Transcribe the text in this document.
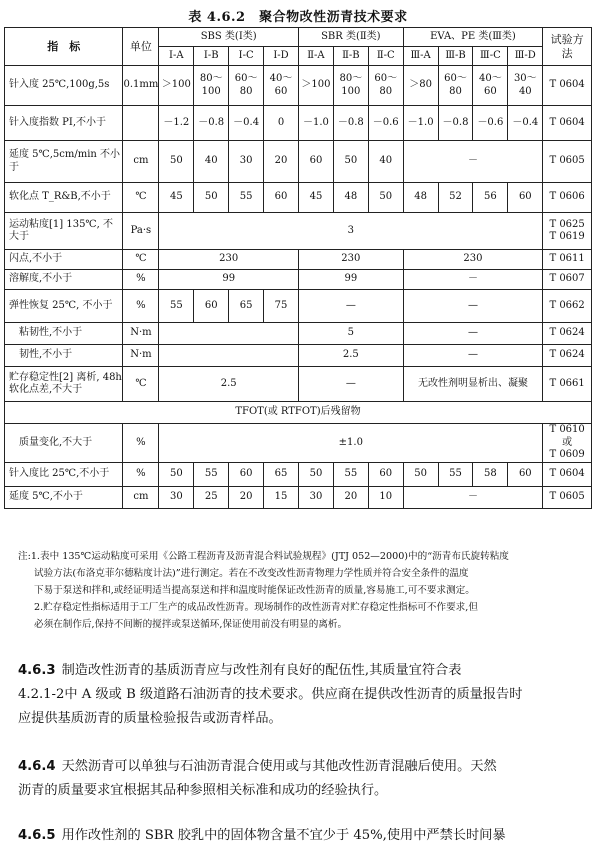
表 4.6.2　聚合物改性沥青技术要求
指　标	单位	SBS 类(Ⅰ类)				SBR 类(Ⅱ类)			EVA、PE 类(Ⅲ类)				试验方法
		Ⅰ-A	Ⅰ-B	Ⅰ-C	Ⅰ-D	Ⅱ-A	Ⅱ-B	Ⅱ-C	Ⅲ-A	Ⅲ-B	Ⅲ-C	Ⅲ-D	
针入度 25℃,100g,5s	0.1mm	＞100	80～100	60～80	40～60	＞100	80～100	60～80	＞80	60～80	40～60	30～40	T 0604
针入度指数 PI,不小于		－1.2	－0.8	－0.4	0	－1.0	－0.8	－0.6	－1.0	－0.8	－0.6	－0.4	T 0604
延度 5℃,5cm/min 不小于	cm	50	40	30	20	60	50	40	－				T 0605
软化点 T_R&B,不小于	℃	45	50	55	60	45	48	50	48	52	56	60	T 0606
运动粘度[1] 135℃, 不大于	Pa·s	3											T 0625
T 0619

闪点,不小于	℃	230				230			230				T 0611
溶解度,不小于	%	99				99			－				T 0607
弹性恢复 25℃, 不小于	%	55	60	65	75	—			—				T 0662
粘韧性,不小于	N·m					5			—				T 0624
韧性,不小于	N·m					2.5			—				T 0624
贮存稳定性[2] 离析, 48h 软化点差,不大于	℃	2.5				—			无改性剂明显析出、凝聚				T 0661
TFOT(或 RTFOT)后残留物													
质量变化,不大于	%	±1.0											T 0610 或
T 0609

针入度比 25℃,不小于	%	50	55	60	65	50	55	60	50	55	58	60	T 0604
延度 5℃,不小于	cm	30	25	20	15	30	20	10	－				T 0605
注:1.表中 135℃运动粘度可采用《公路工程沥青及沥青混合料试验规程》(JTJ 052—2000)中的“沥青布氏旋转粘度
试验方法(布洛克菲尔德粘度计法)”进行测定。若在不改变改性沥青物理力学性质并符合安全条件的温度
下易于泵送和拌和,或经证明适当提高泵送和拌和温度时能保证改性沥青的质量,容易施工,可不要求测定。
2.贮存稳定性指标适用于工厂生产的成品改性沥青。现场制作的改性沥青对贮存稳定性指标可不作要求,但
必须在制作后,保持不间断的搅拌或泵送循环,保证使用前没有明显的离析。
4.6.3 制造改性沥青的基质沥青应与改性剂有良好的配伍性,其质量宜符合表
4.2.1-2中 A 级或 B 级道路石油沥青的技术要求。供应商在提供改性沥青的质量报告时
应提供基质沥青的质量检验报告或沥青样品。
4.6.4 天然沥青可以单独与石油沥青混合使用或与其他改性沥青混融后使用。天然
沥青的质量要求宜根据其品种参照相关标准和成功的经验执行。
4.6.5 用作改性剂的 SBR 胶乳中的固体物含量不宜少于 45%,使用中严禁长时间暴
